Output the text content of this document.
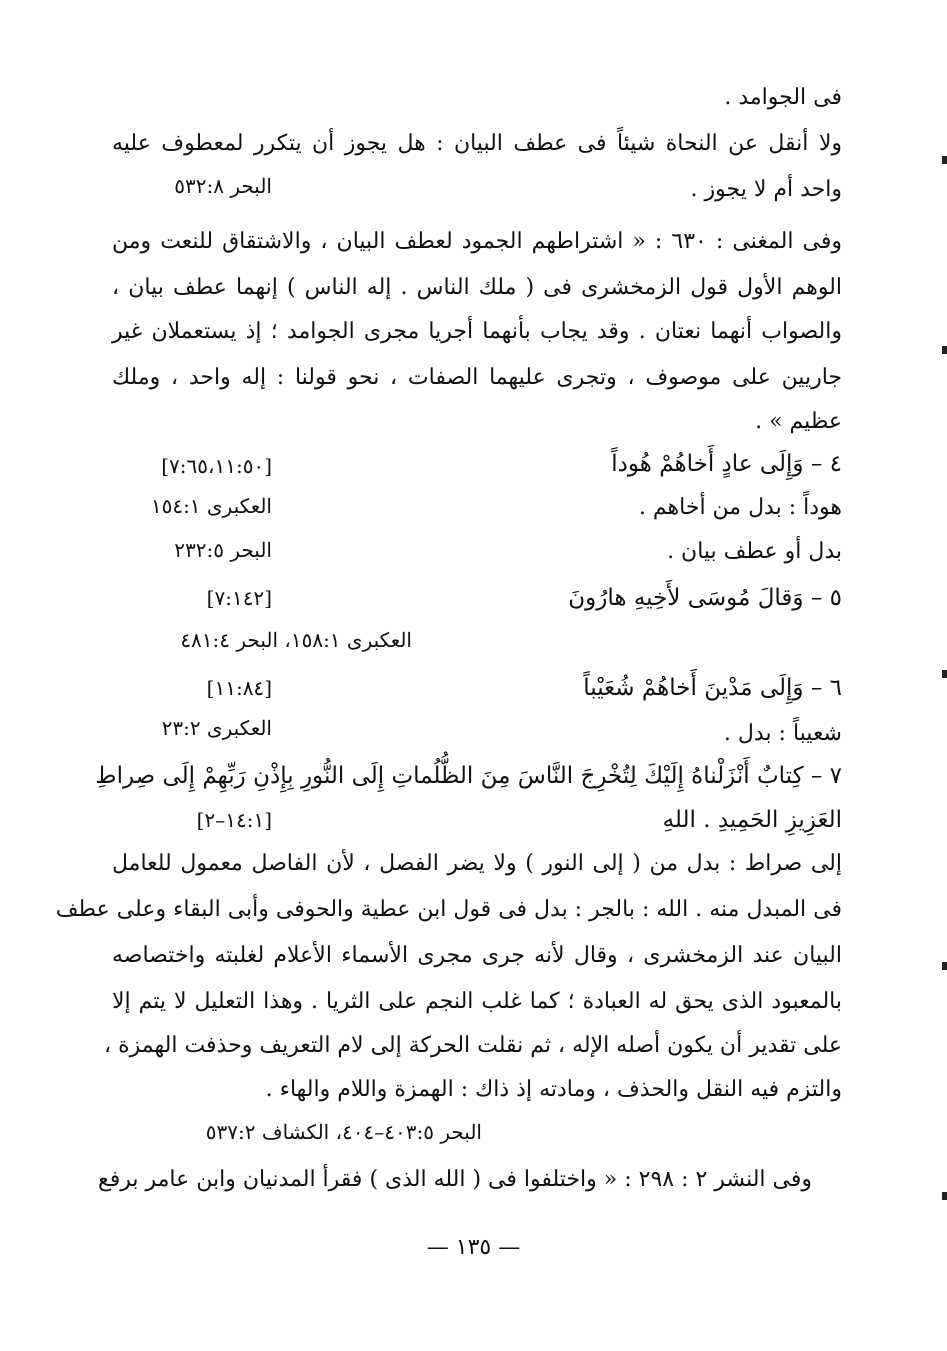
فى الجوامد .
ولا أنقل عن النحاة شيئاً فى عطف البيان : هل يجوز أن يتكرر لمعطوف عليه
واحد أم لا يجوز .
البحر ٥٣٢:٨
وفى المغنى : ٦٣٠ : « اشتراطهم الجمود لعطف البيان ، والاشتقاق للنعت ومن
الوهم الأول قول الزمخشرى فى ( ملك الناس . إله الناس ) إنهما عطف بيان ،
والصواب أنهما نعتان . وقد يجاب بأنهما أجريا مجرى الجوامد ؛ إذ يستعملان غير
جاريين على موصوف ، وتجرى عليهما الصفات ، نحو قولنا : إله واحد ، وملك
عظيم » .
٤ – وَإِلَى عادٍ أَخاهُمْ هُوداً
[٧:٦٥،١١:٥٠]
هوداً : بدل من أخاهم .
العكبرى ١٥٤:١
بدل أو عطف بيان .
البحر ٢٣٢:٥
٥ – وَقالَ مُوسَى لأَخِيهِ هارُونَ
[٧:١٤٢]
العكبرى ١٥٨:١، البحر ٤٨١:٤
٦ – وَإِلَى مَدْينَ أَخاهُمْ شُعَيْباً
[١١:٨٤]
شعيباً : بدل .
العكبرى ٢٣:٢
٧ – كِتابٌ أَنْزَلْناهُ إِلَيْكَ لِتُخْرِجَ النَّاسَ مِنَ الظُّلُماتِ إِلَى النُّورِ بِإِذْنِ رَبِّهِمْ إِلَى صِراطِ
العَزِيزِ الحَمِيدِ . اللهِ
[١٤:١–٢]
إلى صراط : بدل من ( إلى النور ) ولا يضر الفصل ، لأن الفاصل معمول للعامل
فى المبدل منه . الله : بالجر : بدل فى قول ابن عطية والحوفى وأبى البقاء وعلى عطف
البيان عند الزمخشرى ، وقال لأنه جرى مجرى الأسماء الأعلام لغلبته واختصاصه
بالمعبود الذى يحق له العبادة ؛ كما غلب النجم على الثريا . وهذا التعليل لا يتم إلا
على تقدير أن يكون أصله الإله ، ثم نقلت الحركة إلى لام التعريف وحذفت الهمزة ،
والتزم فيه النقل والحذف ، ومادته إذ ذاك : الهمزة واللام والهاء .
البحر ٤٠٣:٥–٤٠٤، الكشاف ٥٣٧:٢
وفى النشر ٢ : ٢٩٨ : « واختلفوا فى ( الله الذى ) فقرأ المدنيان وابن عامر برفع
— ١٣٥ —
